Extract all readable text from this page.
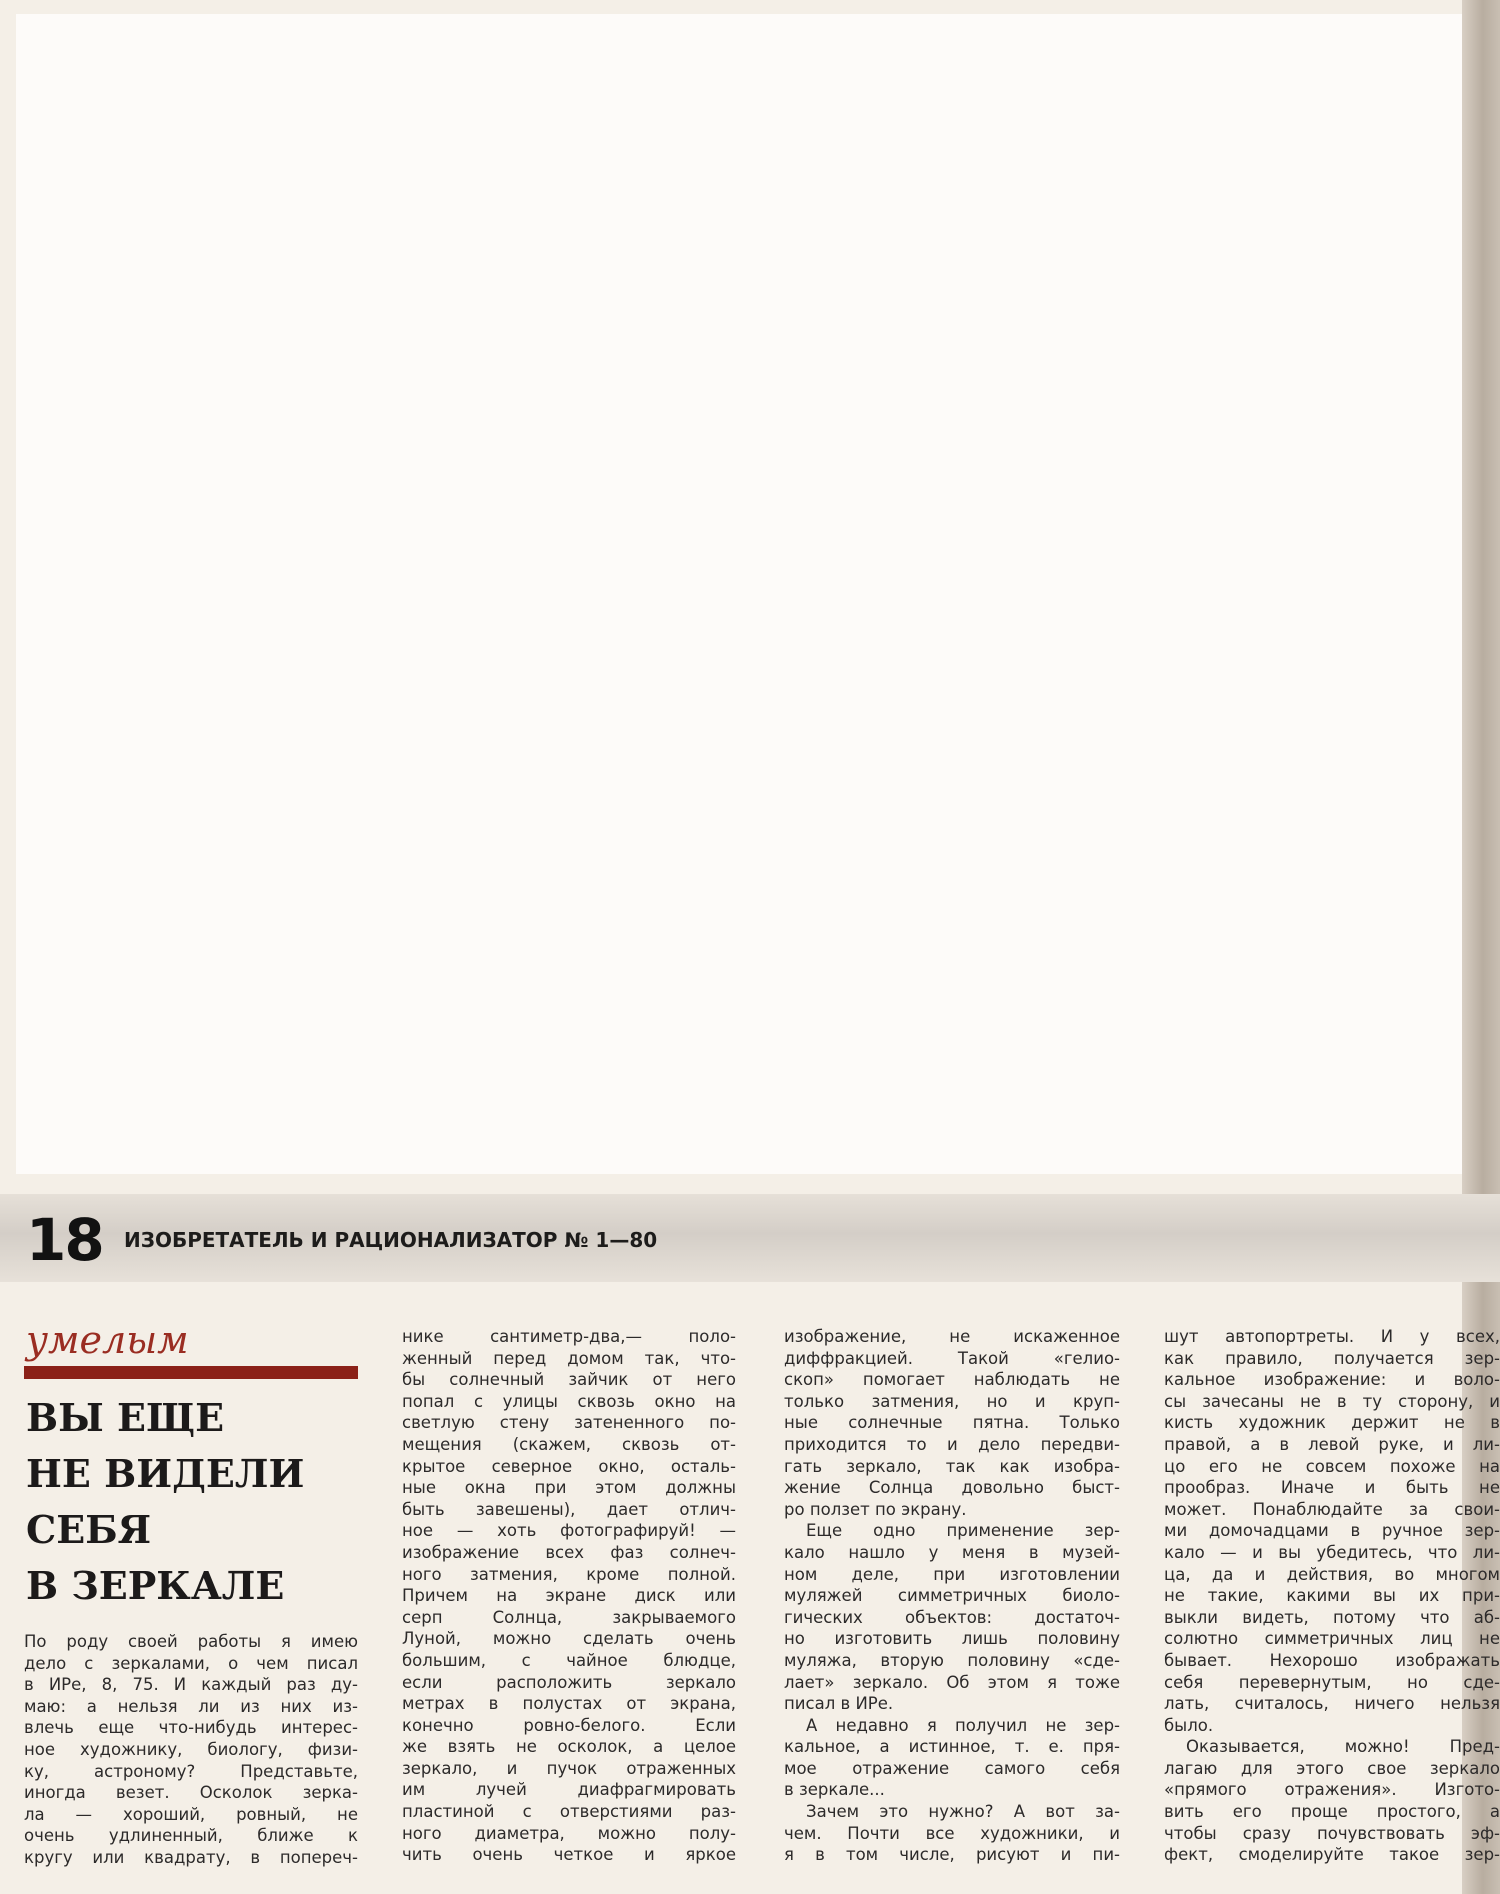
18 ИЗОБРЕТАТЕЛЬ И РАЦИОНАЛИЗАТОР № 1—80
умелым
ВЫ ЕЩЕ
НЕ ВИДЕЛИ
СЕБЯ
В ЗЕРКАЛЕ
По роду своей работы я имею
дело с зеркалами, о чем писал
в ИРе, 8, 75. И каждый раз ду-
маю: а нельзя ли из них из-
влечь еще что-нибудь интерес-
ное художнику, биологу, физи-
ку, астроному? Представьте,
иногда везет. Осколок зерка-
ла — хороший, ровный, не
очень удлиненный, ближе к
кругу или квадрату, в попереч-
нике сантиметр-два,— поло-
женный перед домом так, что-
бы солнечный зайчик от него
попал с улицы сквозь окно на
светлую стену затененного по-
мещения (скажем, сквозь от-
крытое северное окно, осталь-
ные окна при этом должны
быть завешены), дает отлич-
ное — хоть фотографируй! —
изображение всех фаз солнеч-
ного затмения, кроме полной.
Причем на экране диск или
серп Солнца, закрываемого
Луной, можно сделать очень
большим, с чайное блюдце,
если расположить зеркало
метрах в полустах от экрана,
конечно ровно-белого. Если
же взять не осколок, а целое
зеркало, и пучок отраженных
им лучей диафрагмировать
пластиной с отверстиями раз-
ного диаметра, можно полу-
чить очень четкое и яркое
изображение, не искаженное
диффракцией. Такой «гелио-
скоп» помогает наблюдать не
только затмения, но и круп-
ные солнечные пятна. Только
приходится то и дело передви-
гать зеркало, так как изобра-
жение Солнца довольно быст-
ро ползет по экрану.
Еще одно применение зер-
кало нашло у меня в музей-
ном деле, при изготовлении
муляжей симметричных биоло-
гических объектов: достаточ-
но изготовить лишь половину
муляжа, вторую половину «сде-
лает» зеркало. Об этом я тоже
писал в ИРе.
А недавно я получил не зер-
кальное, а истинное, т. е. пря-
мое отражение самого себя
в зеркале...
Зачем это нужно? А вот за-
чем. Почти все художники, и
я в том числе, рисуют и пи-
шут автопортреты. И у всех,
как правило, получается зер-
кальное изображение: и воло-
сы зачесаны не в ту сторону, и
кисть художник держит не в
правой, а в левой руке, и ли-
цо его не совсем похоже на
прообраз. Иначе и быть не
может. Понаблюдайте за свои-
ми домочадцами в ручное зер-
кало — и вы убедитесь, что ли-
ца, да и действия, во многом
не такие, какими вы их при-
выкли видеть, потому что аб-
солютно симметричных лиц не
бывает. Нехорошо изображать
себя перевернутым, но сде-
лать, считалось, ничего нельзя
было.
Оказывается, можно! Пред-
лагаю для этого свое зеркало
«прямого отражения». Изгото-
вить его проще простого, а
чтобы сразу почувствовать эф-
фект, смоделируйте такое зер-
